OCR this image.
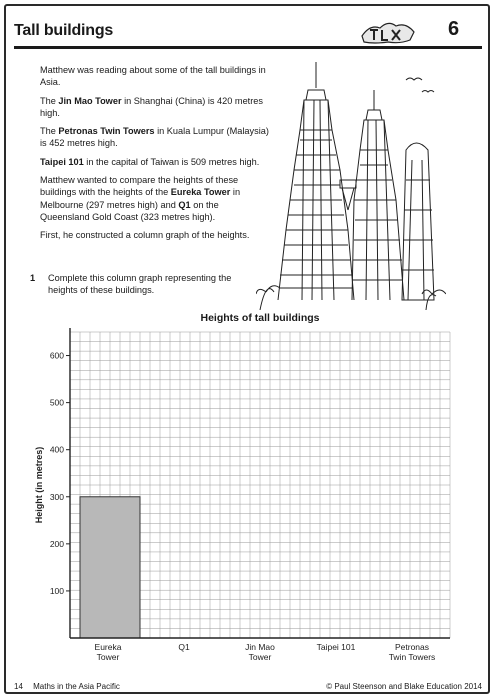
Tall buildings	6

Matthew was reading about some of the tall buildings in Asia.

The Jin Mao Tower in Shanghai (China) is 420 metres high.

The Petronas Twin Towers in Kuala Lumpur (Malaysia) is 452 metres high.

Taipei 101 in the capital of Taiwan is 509 metres high.

Matthew wanted to compare the heights of these buildings with the heights of the Eureka Tower in Melbourne (297 metres high) and Q1 on the Queensland Gold Coast (323 metres high).

First, he constructed a column graph of the heights.

1	Complete this column graph representing the heights of these buildings.
Heights of tall buildings
100
200
300
400
500
600
Height (in metres)
Eureka
Tower
Q1	Jin Mao
Tower
Taipei 101	Petronas
Twin Towers
14 Maths in the Asia Pacific	© Paul Steenson and Blake Education 2014
